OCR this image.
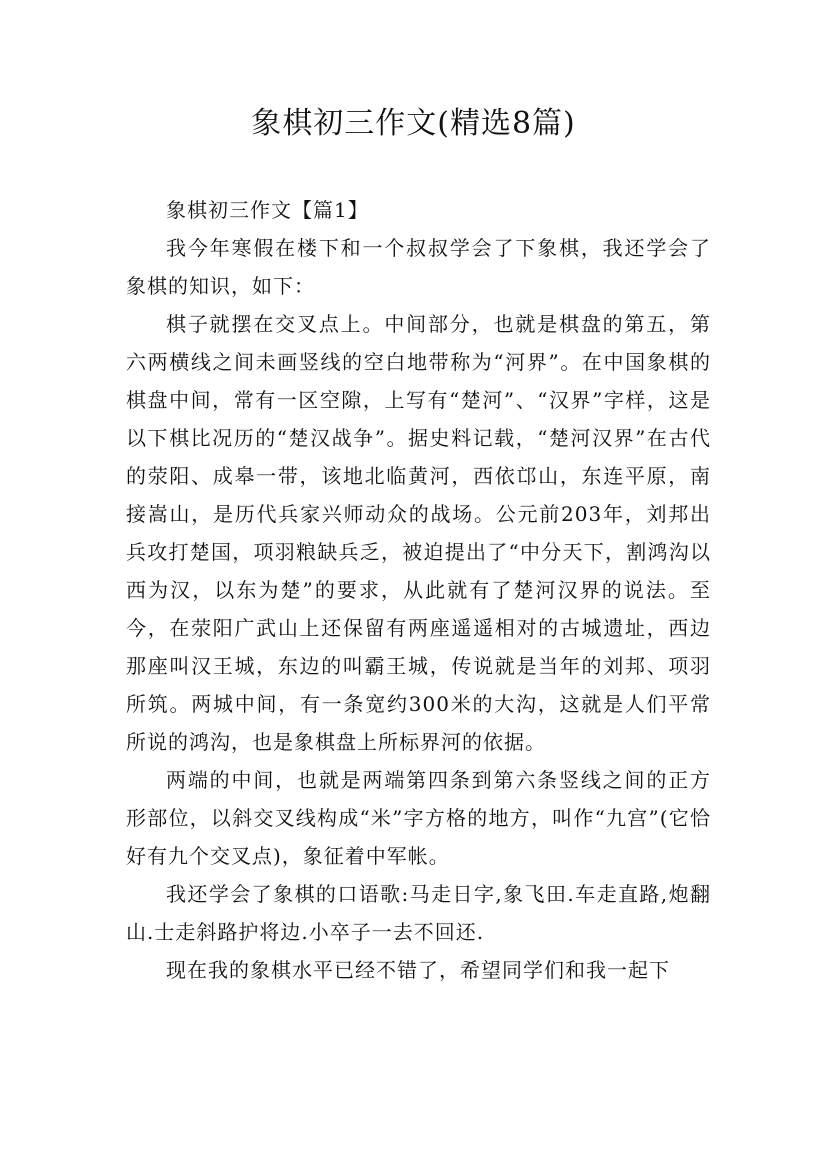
象棋初三作文(精选8篇)

象棋初三作文【篇1】

我今年寒假在楼下和一个叔叔学会了下象棋，我还学会了象棋的知识，如下：

棋子就摆在交叉点上。中间部分，也就是棋盘的第五，第六两横线之间未画竖线的空白地带称为“河界”。在中国象棋的棋盘中间，常有一区空隙，上写有“楚河”、“汉界”字样，这是以下棋比况历的“楚汉战争”。据史料记载，“楚河汉界”在古代的荥阳、成皋一带，该地北临黄河，西依邙山，东连平原，南接嵩山，是历代兵家兴师动众的战场。公元前203年，刘邦出兵攻打楚国，项羽粮缺兵乏，被迫提出了“中分天下，割鸿沟以西为汉，以东为楚”的要求，从此就有了楚河汉界的说法。至今，在荥阳广武山上还保留有两座遥遥相对的古城遗址，西边那座叫汉王城，东边的叫霸王城，传说就是当年的刘邦、项羽所筑。两城中间，有一条宽约300米的大沟，这就是人们平常所说的鸿沟，也是象棋盘上所标界河的依据。

两端的中间，也就是两端第四条到第六条竖线之间的正方形部位，以斜交叉线构成“米”字方格的地方，叫作“九宫”(它恰好有九个交叉点)，象征着中军帐。

我还学会了象棋的口语歌:马走日字,象飞田.车走直路,炮翻山.士走斜路护将边.小卒子一去不回还.

现在我的象棋水平已经不错了，希望同学们和我一起下
